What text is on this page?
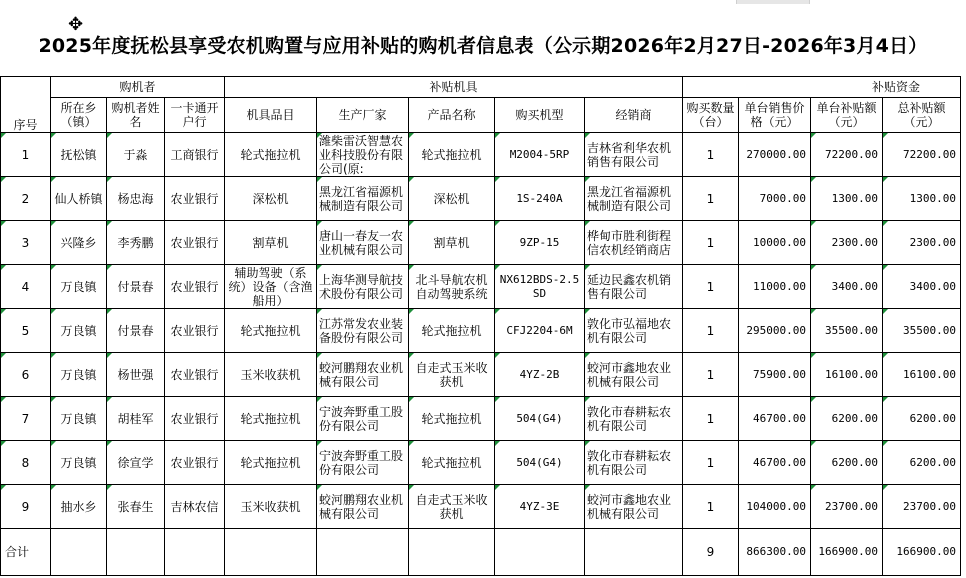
✥
2025年度抚松县享受农机购置与应用补贴的购机者信息表（公示期2026年2月27日-2026年3月4日）
序号	购机者			补贴机具					补贴资金			
	所在乡（镇）	购机者姓名	一卡通开户行	机具品目	生产厂家	产品名称	购买机型	经销商	购买数量（台）	单台销售价格（元）	单台补贴额（元）	总补贴额（元）

1	抚松镇	于淼	工商银行	轮式拖拉机	潍柴雷沃智慧农业科技股份有限公司(原:	轮式拖拉机	M2004-5RP	吉林省利华农机销售有限公司	1	270000.00	72200.00	72200.00

2	仙人桥镇	杨忠海	农业银行	深松机	黑龙江省福源机械制造有限公司	深松机	1S-240A	黑龙江省福源机械制造有限公司	1	7000.00	1300.00	1300.00

3	兴隆乡	李秀鹏	农业银行	割草机	唐山一春友一农业机械有限公司	割草机	9ZP-15	桦甸市胜利街程信农机经销商店	1	10000.00	2300.00	2300.00

4	万良镇	付景春	农业银行	辅助驾驶（系统）设备（含渔船用）	上海华测导航技术股份有限公司	北斗导航农机自动驾驶系统	NX612BDS-2.5SD	延边民鑫农机销售有限公司	1	11000.00	3400.00	3400.00

5	万良镇	付景春	农业银行	轮式拖拉机	江苏常发农业装备股份有限公司	轮式拖拉机	CFJ2204-6M	敦化市弘福地农机有限公司	1	295000.00	35500.00	35500.00

6	万良镇	杨世强	农业银行	玉米收获机	蛟河鹏翔农业机械有限公司	自走式玉米收获机	4YZ-2B	蛟河市鑫地农业机械有限公司	1	75900.00	16100.00	16100.00

7	万良镇	胡桂军	农业银行	轮式拖拉机	宁波奔野重工股份有限公司	轮式拖拉机	504(G4)	敦化市春耕耘农机有限公司	1	46700.00	6200.00	6200.00

8	万良镇	徐宣学	农业银行	轮式拖拉机	宁波奔野重工股份有限公司	轮式拖拉机	504(G4)	敦化市春耕耘农机有限公司	1	46700.00	6200.00	6200.00

9	抽水乡	张春生	吉林农信	玉米收获机	蛟河鹏翔农业机械有限公司	自走式玉米收获机	4YZ-3E	蛟河市鑫地农业机械有限公司	1	104000.00	23700.00	23700.00
合计									9	866300.00	166900.00	166900.00
